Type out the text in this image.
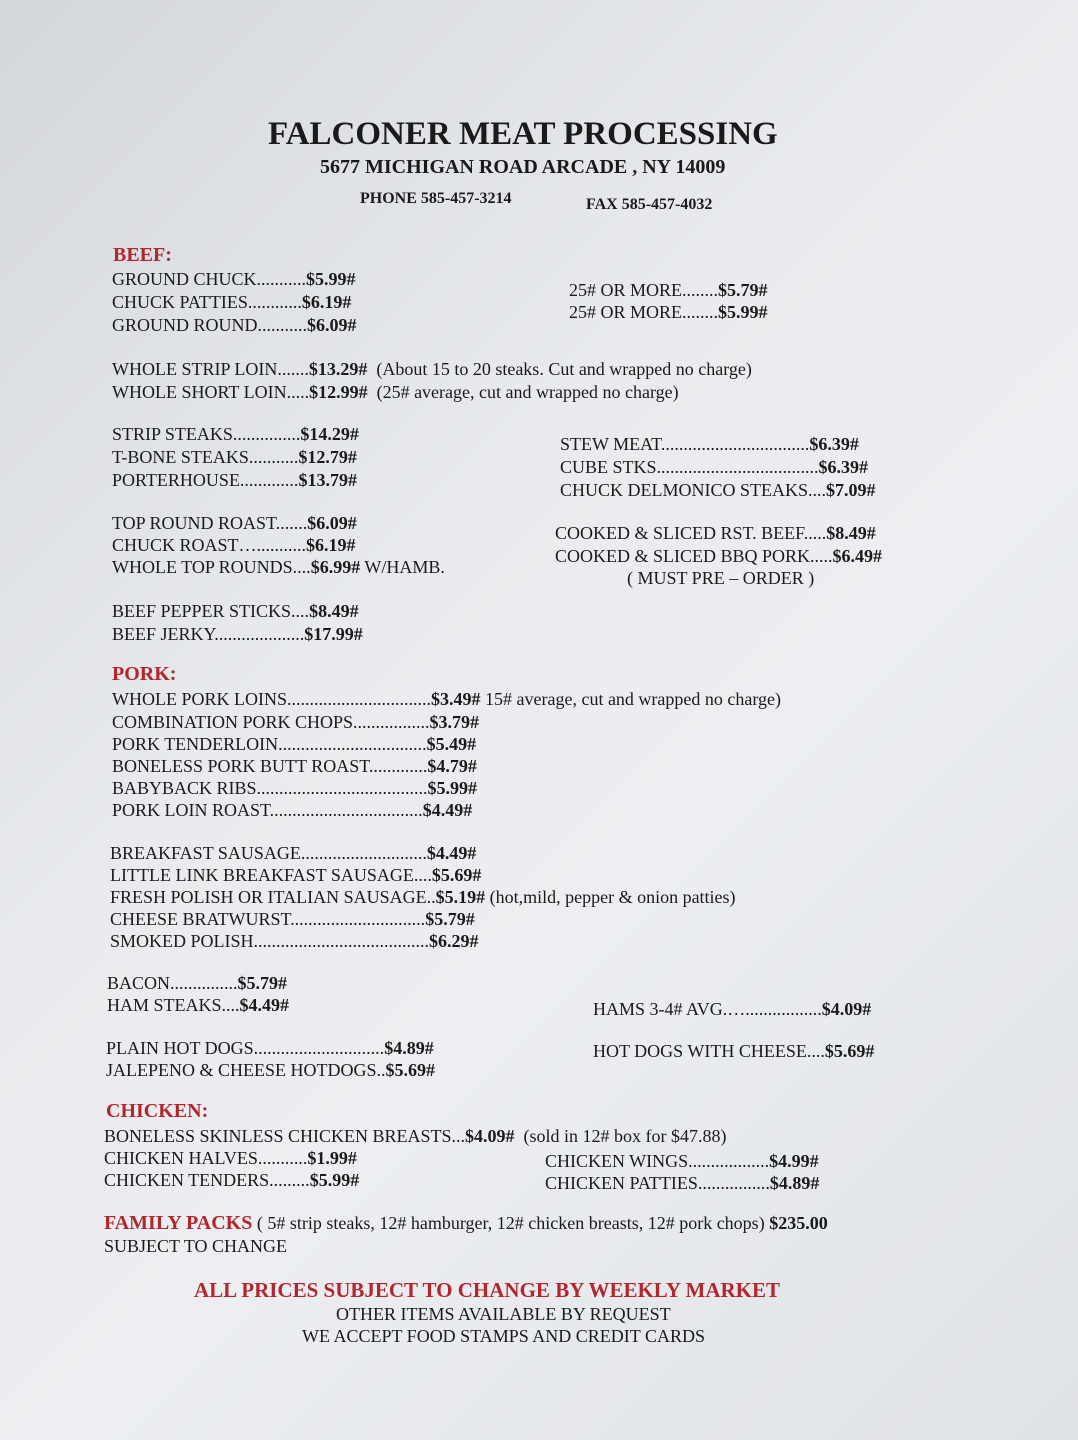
FALCONER MEAT PROCESSING
5677 MICHIGAN ROAD ARCADE , NY 14009
PHONE 585-457-3214	FAX 585-457-4032
BEEF:
GROUND CHUCK...........$5.99#
CHUCK PATTIES............$6.19#
GROUND ROUND...........$6.09#
25# OR MORE........$5.79#
25# OR MORE........$5.99#
WHOLE STRIP LOIN.......$13.29# (About 15 to 20 steaks. Cut and wrapped no charge)
WHOLE SHORT LOIN.....$12.99# (25# average, cut and wrapped no charge)
STRIP STEAKS...............$14.29#
T-BONE STEAKS...........$12.79#
PORTERHOUSE.............$13.79#
STEW MEAT.................................$6.39#
CUBE STKS....................................$6.39#
CHUCK DELMONICO STEAKS....$7.09#
TOP ROUND ROAST.......$6.09#
CHUCK ROAST…...........$6.19#
WHOLE TOP ROUNDS....$6.99# W/HAMB.
COOKED & SLICED RST. BEEF.....$8.49#
COOKED & SLICED BBQ PORK.....$6.49#
( MUST PRE – ORDER )
BEEF PEPPER STICKS....$8.49#
BEEF JERKY....................$17.99#
PORK:
WHOLE PORK LOINS................................$3.49# 15# average, cut and wrapped no charge)
COMBINATION PORK CHOPS.................$3.79#
PORK TENDERLOIN.................................$5.49#
BONELESS PORK BUTT ROAST.............$4.79#
BABYBACK RIBS......................................$5.99#
PORK LOIN ROAST..................................$4.49#
BREAKFAST SAUSAGE............................$4.49#
LITTLE LINK BREAKFAST SAUSAGE....$5.69#
FRESH POLISH OR ITALIAN SAUSAGE..$5.19# (hot,mild, pepper & onion patties)
CHEESE BRATWURST..............................$5.79#
SMOKED POLISH.......................................$6.29#
BACON...............$5.79#
HAM STEAKS....$4.49#	HAMS 3-4# AVG.….................$4.09#
PLAIN HOT DOGS.............................$4.89#
JALEPENO & CHEESE HOTDOGS..$5.69#
HOT DOGS WITH CHEESE....$5.69#
CHICKEN:
BONELESS SKINLESS CHICKEN BREASTS...$4.09# (sold in 12# box for $47.88)
CHICKEN HALVES...........$1.99#
CHICKEN TENDERS.........$5.99#
CHICKEN WINGS..................$4.99#
CHICKEN PATTIES................$4.89#
FAMILY PACKS ( 5# strip steaks, 12# hamburger, 12# chicken breasts, 12# pork chops) $235.00
SUBJECT TO CHANGE
ALL PRICES SUBJECT TO CHANGE BY WEEKLY MARKET
OTHER ITEMS AVAILABLE BY REQUEST
WE ACCEPT FOOD STAMPS AND CREDIT CARDS
